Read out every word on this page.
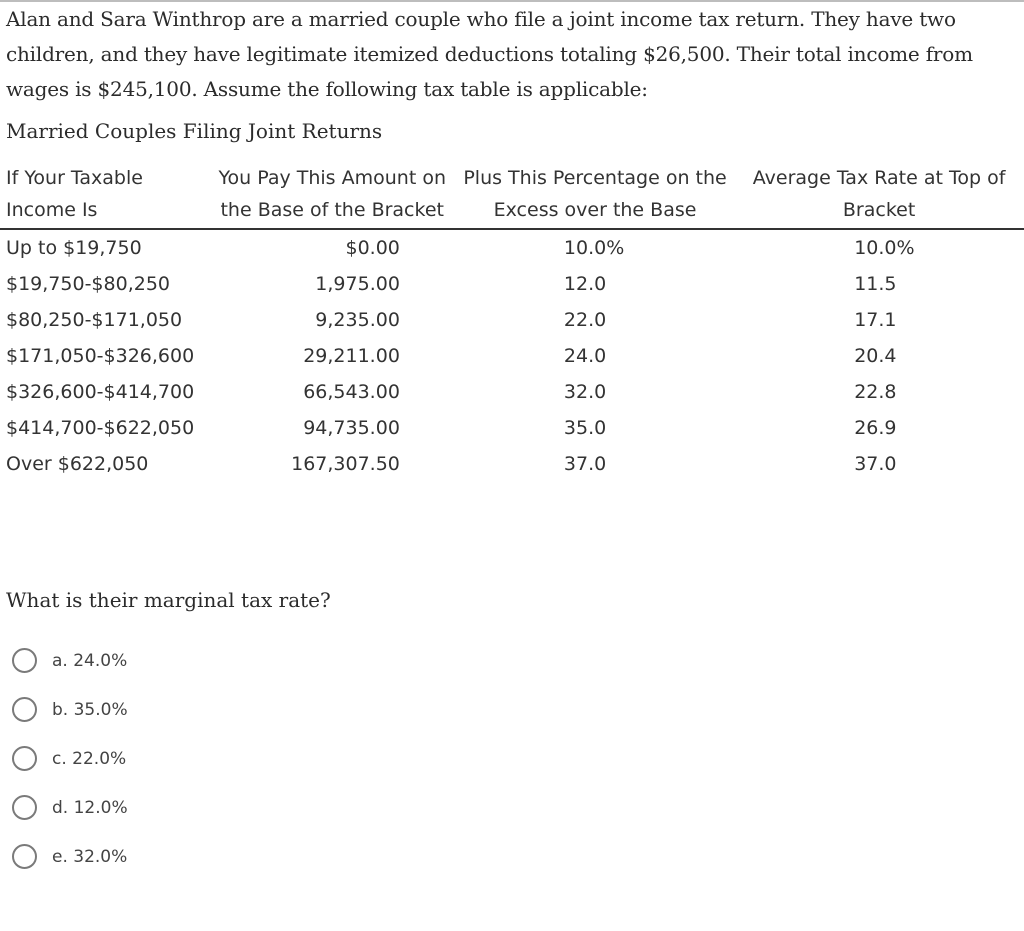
Alan and Sara Winthrop are a married couple who file a joint income tax return. They have two children, and they have legitimate itemized deductions totaling $26,500. Their total income from wages is $245,100. Assume the following tax table is applicable:

Married Couples Filing Joint Returns

If Your Taxable Income Is	You Pay This Amount on the Base of the Bracket	Plus This Percentage on the Excess over the Base	Average Tax Rate at Top of Bracket
Up to $19,750	$0.00	10.0%	10.0%
$19,750-$80,250	1,975.00	12.0	11.5
$80,250-$171,050	9,235.00	22.0	17.1
$171,050-$326,600	29,211.00	24.0	20.4
$326,600-$414,700	66,543.00	32.0	22.8
$414,700-$622,050	94,735.00	35.0	26.9
Over $622,050	167,307.50	37.0	37.0

What is their marginal tax rate?

a. 24.0%
b. 35.0%
c. 22.0%
d. 12.0%
e. 32.0%
